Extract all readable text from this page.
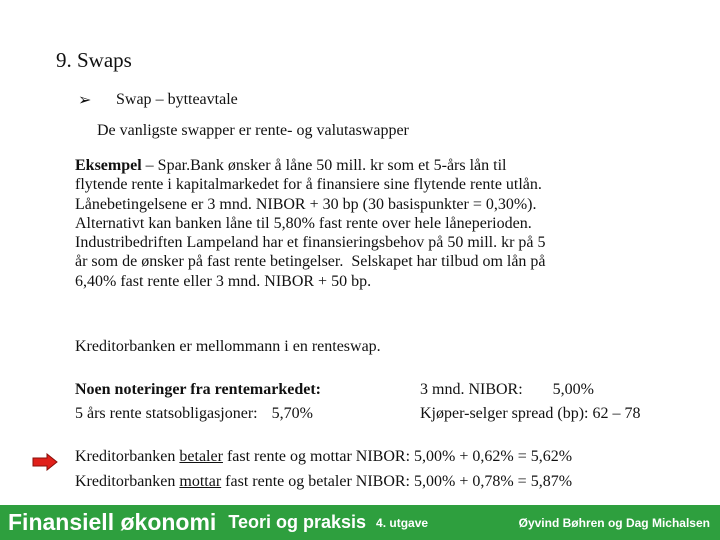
9. Swaps
➢	Swap – bytteavtale
De vanligste swapper er rente- og valutaswapper
Eksempel – Spar.Bank ønsker å låne 50 mill. kr som et 5-års lån til
flytende rente i kapitalmarkedet for å finansiere sine flytende rente utlån.
Lånebetingelsene er 3 mnd. NIBOR + 30 bp (30 basispunkter = 0,30%).
Alternativt kan banken låne til 5,80% fast rente over hele låneperioden.
Industribedriften Lampeland har et finansieringsbehov på 50 mill. kr på 5
år som de ønsker på fast rente betingelser.  Selskapet har tilbud om lån på
6,40% fast rente eller 3 mnd. NIBOR + 50 bp.
Kreditorbanken er mellommann i en renteswap.
Noen noteringer fra rentemarkedet:
5 års rente statsobligasjoner: 5,70%
3 mnd. NIBOR: 5,00%
Kjøper-selger spread (bp): 62 – 78
Kreditorbanken betaler fast rente og mottar NIBOR: 5,00% + 0,62% = 5,62%
Kreditorbanken mottar fast rente og betaler NIBOR: 5,00% + 0,78% = 5,87%
Finansiell økonomi Teori og praksis 4. utgave	Øyvind Bøhren og Dag Michalsen
